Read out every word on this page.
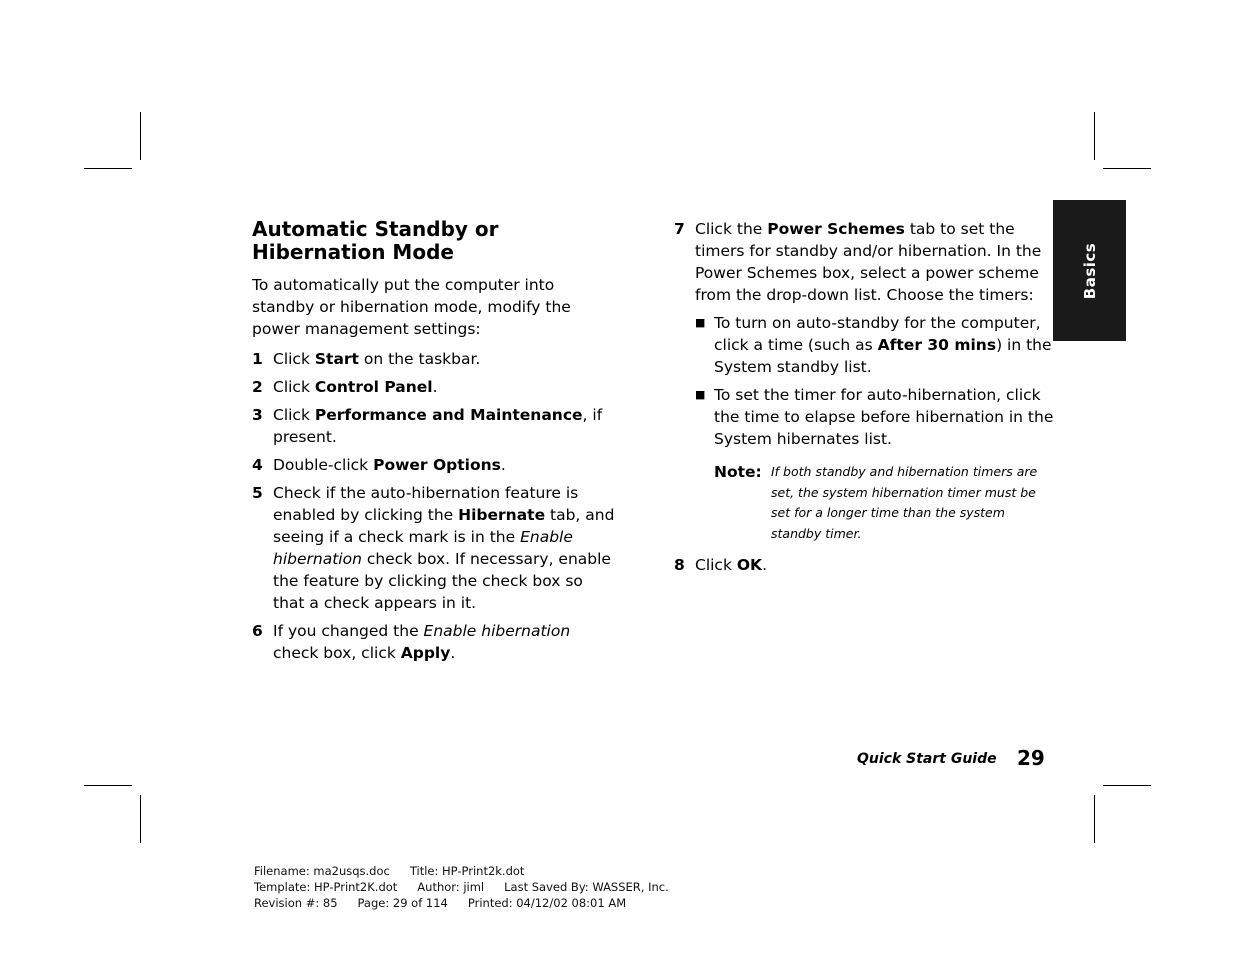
Basics
Automatic Standby or
Hibernation Mode

To automatically put the computer into standby or hibernation mode, modify the power management settings:

1 Click Start on the taskbar.
2 Click Control Panel.
3 Click Performance and Maintenance, if present.
4 Double-click Power Options.
5 Check if the auto-hibernation feature is enabled by clicking the Hibernate tab, and seeing if a check mark is in the Enable hibernation check box. If necessary, enable the feature by clicking the check box so that a check appears in it.
6 If you changed the Enable hibernation check box, click Apply.
7 Click the Power Schemes tab to set the timers for standby and/or hibernation. In the Power Schemes box, select a power scheme from the drop-down list. Choose the timers:
■ To turn on auto-standby for the computer, click a time (such as After 30 mins) in the System standby list.
■ To set the timer for auto-hibernation, click the time to elapse before hibernation in the System hibernates list.
Note: If both standby and hibernation timers are set, the system hibernation timer must be set for a longer time than the system standby timer.
8 Click OK.
Quick Start Guide 29
Filename: ma2usqs.doc Title: HP-Print2k.dot
Template: HP-Print2K.dot Author: jiml Last Saved By: WASSER, Inc.
Revision #: 85 Page: 29 of 114 Printed: 04/12/02 08:01 AM
